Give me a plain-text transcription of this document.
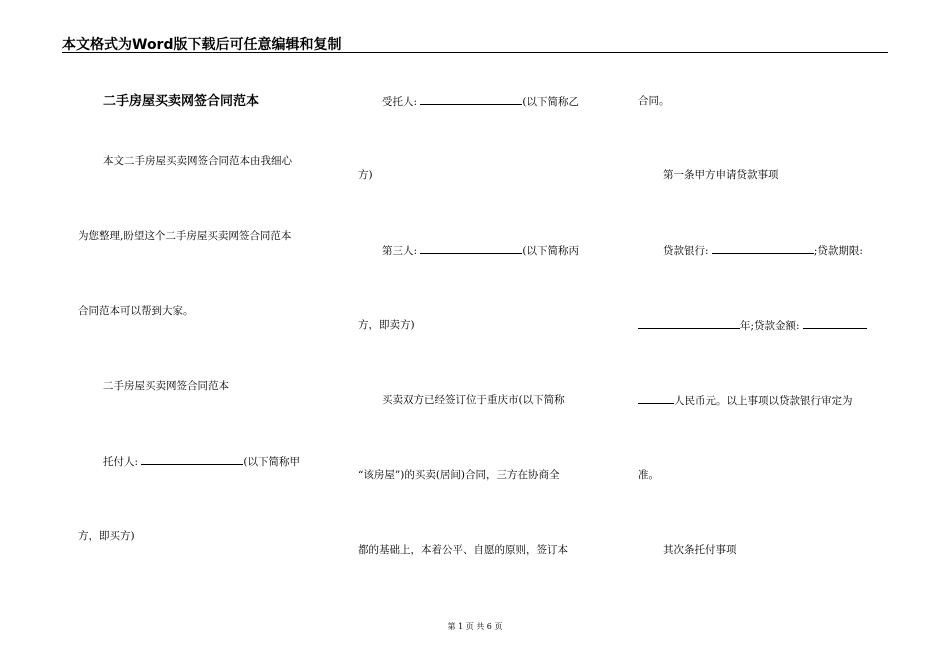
本文格式为Word版下载后可任意编辑和复制
二手房屋买卖网签合同范本
本文二手房屋买卖网签合同范本由我细心
为您整理,盼望这个二手房屋买卖网签合同范本
合同范本可以帮到大家。
二手房屋买卖网签合同范本
托付人:	(以下简称甲
方，即买方)
受托人:	(以下简称乙
方)
第三人:	(以下简称丙
方，即卖方)
买卖双方已经签订位于重庆市(以下简称
“该房屋”)的买卖(居间)合同，三方在协商全
都的基础上，本着公平、自愿的原则，签订本
合同。
第一条甲方申请贷款事项
贷款银行:	;贷款期限:
年;贷款金额:
人民币元。以上事项以贷款银行审定为
准。
其次条托付事项
第 1 页 共 6 页
